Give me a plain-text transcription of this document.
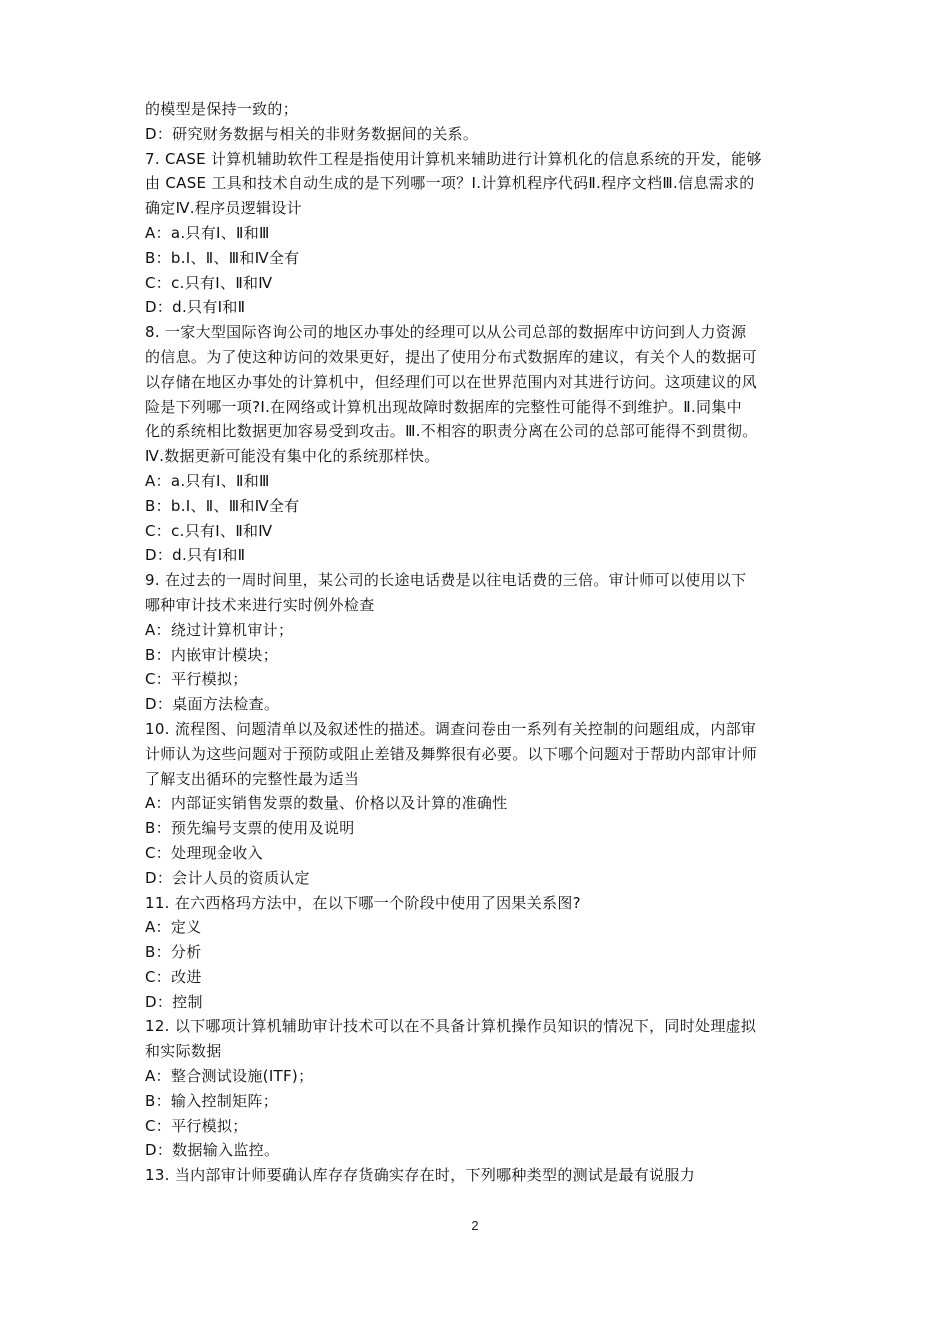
的模型是保持一致的；
D：研究财务数据与相关的非财务数据间的关系。
7. CASE 计算机辅助软件工程是指使用计算机来辅助进行计算机化的信息系统的开发，能够
由 CASE 工具和技术自动生成的是下列哪一项？Ⅰ.计算机程序代码Ⅱ.程序文档Ⅲ.信息需求的
确定Ⅳ.程序员逻辑设计
A：a.只有Ⅰ、Ⅱ和Ⅲ
B：b.Ⅰ、Ⅱ、Ⅲ和Ⅳ全有
C：c.只有Ⅰ、Ⅱ和Ⅳ
D：d.只有Ⅰ和Ⅱ
8. 一家大型国际咨询公司的地区办事处的经理可以从公司总部的数据库中访问到人力资源
的信息。为了使这种访问的效果更好，提出了使用分布式数据库的建议，有关个人的数据可
以存储在地区办事处的计算机中，但经理们可以在世界范围内对其进行访问。这项建议的风
险是下列哪一项?Ⅰ.在网络或计算机出现故障时数据库的完整性可能得不到维护。Ⅱ.同集中
化的系统相比数据更加容易受到攻击。Ⅲ.不相容的职责分离在公司的总部可能得不到贯彻。
Ⅳ.数据更新可能没有集中化的系统那样快。
A：a.只有Ⅰ、Ⅱ和Ⅲ
B：b.Ⅰ、Ⅱ、Ⅲ和Ⅳ全有
C：c.只有Ⅰ、Ⅱ和Ⅳ
D：d.只有Ⅰ和Ⅱ
9. 在过去的一周时间里，某公司的长途电话费是以往电话费的三倍。审计师可以使用以下
哪种审计技术来进行实时例外检查
A：绕过计算机审计；
B：内嵌审计模块；
C：平行模拟；
D：桌面方法检查。
10. 流程图、问题清单以及叙述性的描述。调查问卷由一系列有关控制的问题组成，内部审
计师认为这些问题对于预防或阻止差错及舞弊很有必要。以下哪个问题对于帮助内部审计师
了解支出循环的完整性最为适当
A：内部证实销售发票的数量、价格以及计算的准确性
B：预先编号支票的使用及说明
C：处理现金收入
D：会计人员的资质认定
11. 在六西格玛方法中，在以下哪一个阶段中使用了因果关系图?
A：定义
B：分析
C：改进
D：控制
12. 以下哪项计算机辅助审计技术可以在不具备计算机操作员知识的情况下，同时处理虚拟
和实际数据
A：整合测试设施(ITF)；
B：输入控制矩阵；
C：平行模拟；
D：数据输入监控。
13. 当内部审计师要确认库存存货确实存在时，下列哪种类型的测试是最有说服力
2
